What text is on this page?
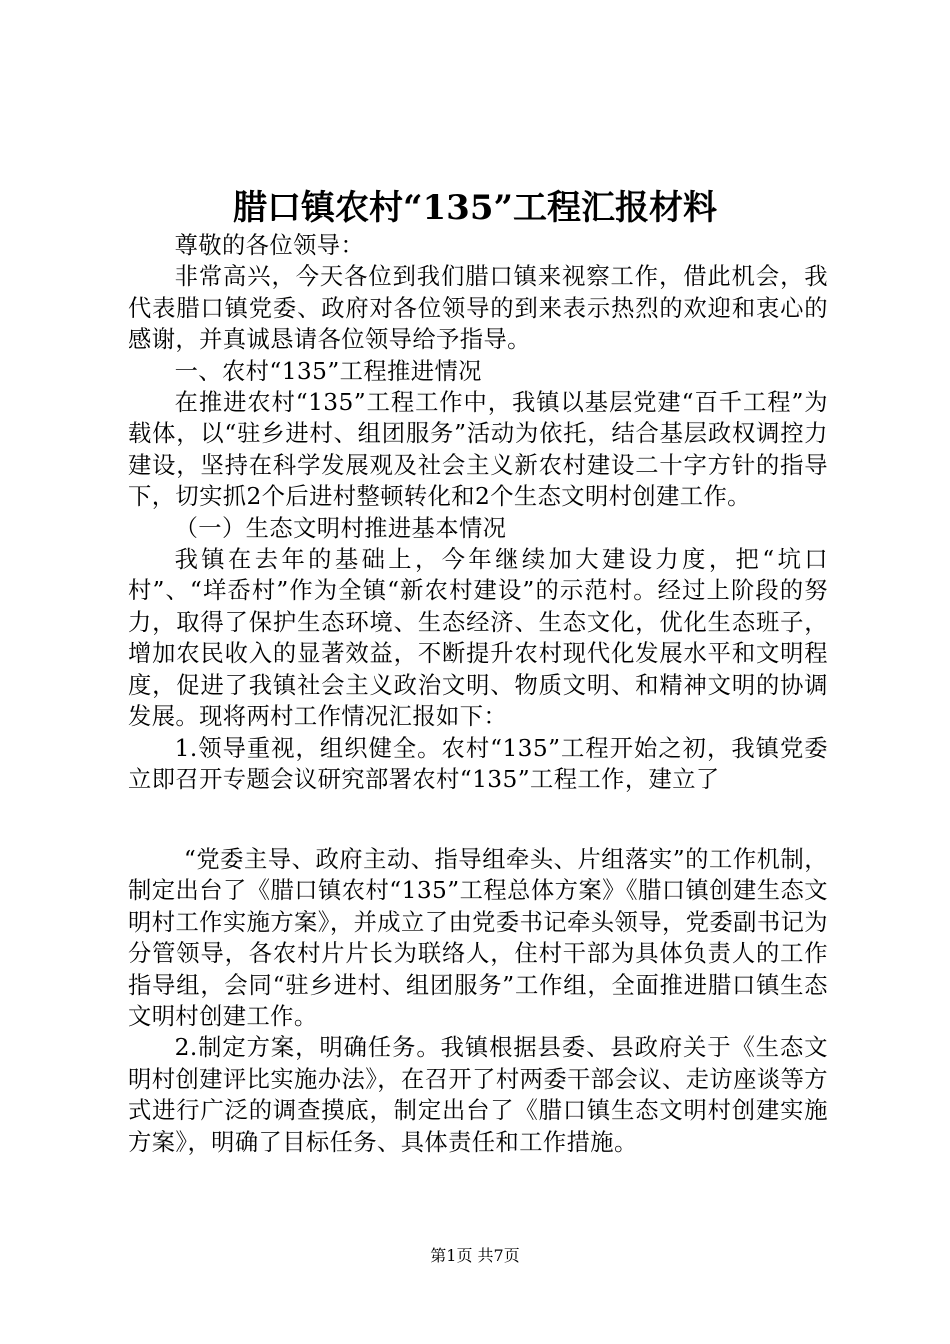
腊口镇农村“135”工程汇报材料

尊敬的各位领导：

非常高兴，今天各位到我们腊口镇来视察工作，借此机会，我代表腊口镇党委、政府对各位领导的到来表示热烈的欢迎和衷心的感谢，并真诚恳请各位领导给予指导。

一、农村“135”工程推进情况

在推进农村“135”工程工作中，我镇以基层党建“百千工程”为载体，以“驻乡进村、组团服务”活动为依托，结合基层政权调控力建设，坚持在科学发展观及社会主义新农村建设二十字方针的指导下，切实抓2个后进村整顿转化和2个生态文明村创建工作。

（一）生态文明村推进基本情况

我镇在去年的基础上，今年继续加大建设力度，把“坑口村”、“垟岙村”作为全镇“新农村建设”的示范村。经过上阶段的努力，取得了保护生态环境、生态经济、生态文化，优化生态班子，增加农民收入的显著效益，不断提升农村现代化发展水平和文明程度，促进了我镇社会主义政治文明、物质文明、和精神文明的协调发展。现将两村工作情况汇报如下：

1.领导重视，组织健全。农村“135”工程开始之初，我镇党委立即召开专题会议研究部署农村“135”工程工作，建立了

“党委主导、政府主动、指导组牵头、片组落实”的工作机制，制定出台了《腊口镇农村“135”工程总体方案》《腊口镇创建生态文明村工作实施方案》，并成立了由党委书记牵头领导，党委副书记为分管领导，各农村片片长为联络人，住村干部为具体负责人的工作指导组，会同“驻乡进村、组团服务”工作组，全面推进腊口镇生态文明村创建工作。

2.制定方案，明确任务。我镇根据县委、县政府关于《生态文明村创建评比实施办法》，在召开了村两委干部会议、走访座谈等方式进行广泛的调查摸底，制定出台了《腊口镇生态文明村创建实施方案》，明确了目标任务、具体责任和工作措施。

第1页 共7页
